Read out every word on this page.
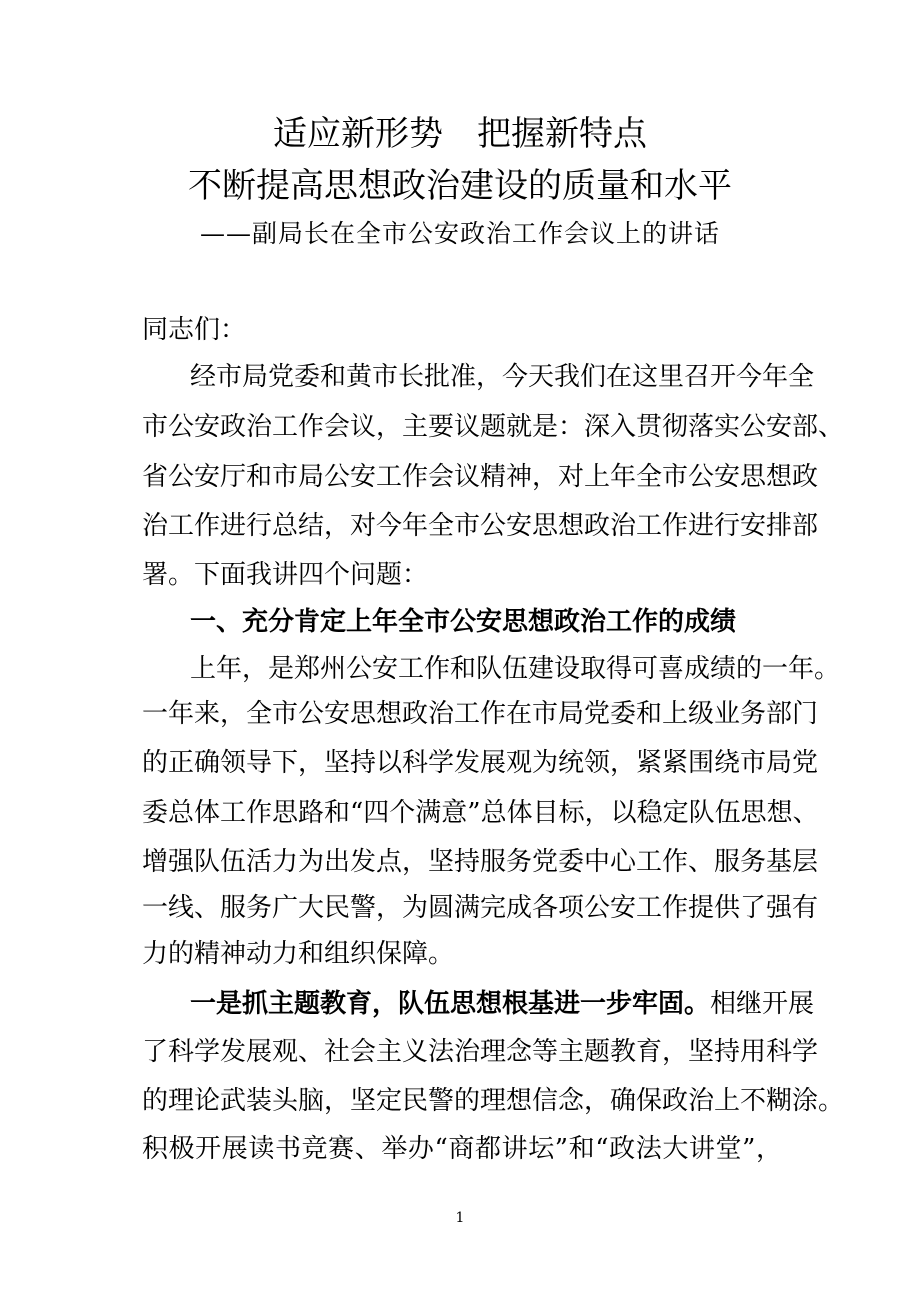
适应新形势　把握新特点
不断提高思想政治建设的质量和水平
——副局长在全市公安政治工作会议上的讲话
同志们：
经市局党委和黄市长批准，今天我们在这里召开今年全
市公安政治工作会议，主要议题就是：深入贯彻落实公安部、
省公安厅和市局公安工作会议精神，对上年全市公安思想政
治工作进行总结，对今年全市公安思想政治工作进行安排部
署。下面我讲四个问题：
一、充分肯定上年全市公安思想政治工作的成绩
上年，是郑州公安工作和队伍建设取得可喜成绩的一年。
一年来，全市公安思想政治工作在市局党委和上级业务部门
的正确领导下，坚持以科学发展观为统领，紧紧围绕市局党
委总体工作思路和“四个满意”总体目标，以稳定队伍思想、
增强队伍活力为出发点，坚持服务党委中心工作、服务基层
一线、服务广大民警，为圆满完成各项公安工作提供了强有
力的精神动力和组织保障。
一是抓主题教育，队伍思想根基进一步牢固。相继开展
了科学发展观、社会主义法治理念等主题教育，坚持用科学
的理论武装头脑，坚定民警的理想信念，确保政治上不糊涂。
积极开展读书竞赛、举办“商都讲坛”和“政法大讲堂”，
1
